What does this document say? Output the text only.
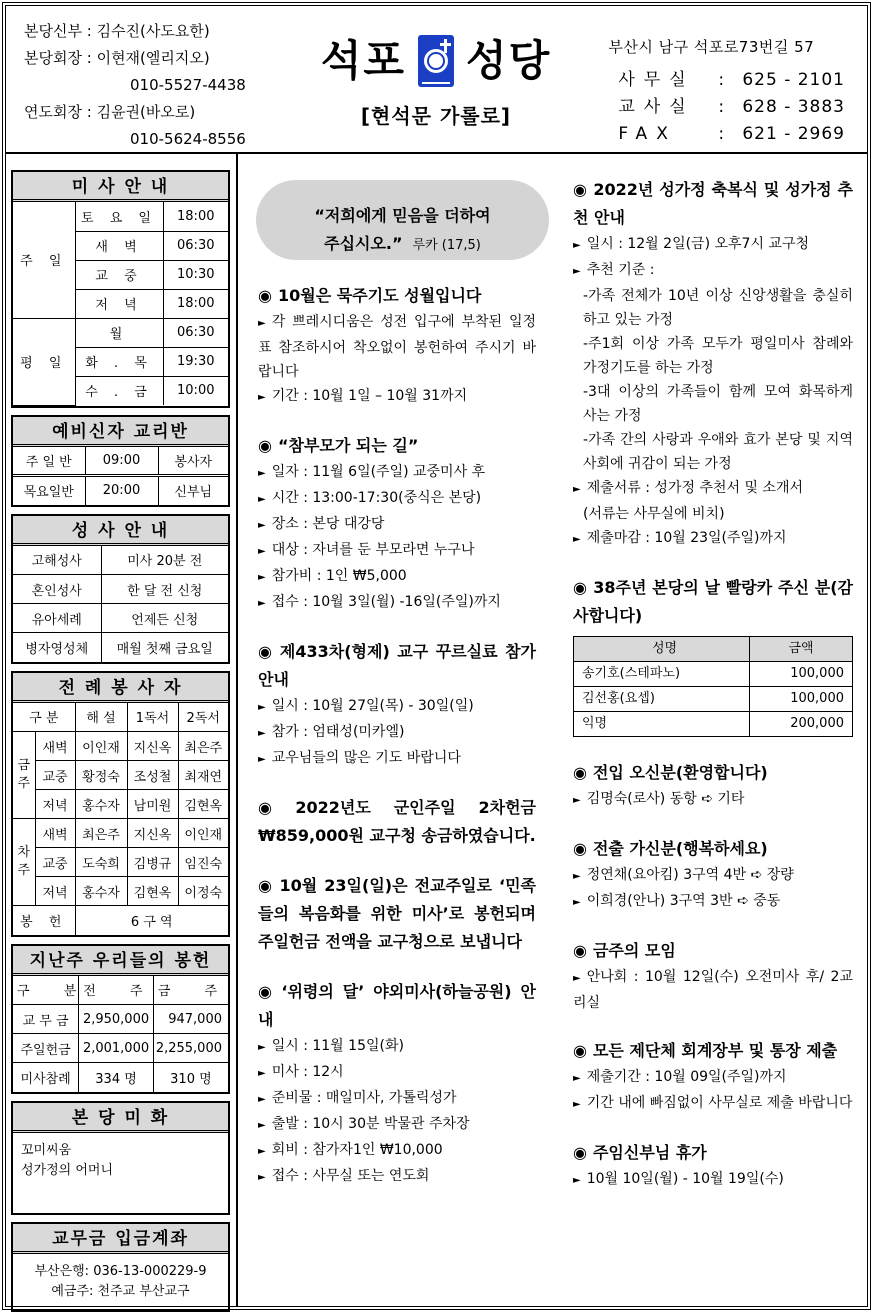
본당신부 : 김수진(사도요한)
본당회장 : 이현재(엘리지오)
010-5527-4438
연도회장 : 김윤권(바오로)
010-5624-8556
석포 성당
[현석문 가롤로]
부산시 남구 석포로73번길 57
사무실	:	625 - 2101
교사실	:	628 - 3883
FAX	:	621 - 2969
미 사 안 내
주 일	토 요 일	18:00
	새 벽	06:30
	교 중	10:30
	저 녁	18:00
평 일	월	06:30
	화 . 목	19:30
	수 . 금	10:00
예비신자 교리반
주 일 반	09:00	봉사자
목요일반	20:00	신부님
성 사 안 내
고해성사	미사 20분 전
혼인성사	한 달 전 신청
유아세례	언제든 신청
병자영성체	매월 첫째 금요일
전 례 봉 사 자
구 분		해 설	1독서	2독서
금주	새벽	이인재	지신옥	최은주
	교중	황정숙	조성철	최재연
	저녁	홍수자	남미원	김현옥
차주	새벽	최은주	지신옥	이인재
	교중	도숙희	김병규	임진숙
	저녁	홍수자	김현옥	이정숙
봉 헌		6 구 역		
지난주 우리들의 봉헌
구 분	전 주	금 주
교 무 금	2,950,000	947,000
주일헌금	2,001,000	2,255,000
미사참례	334 명	310 명
본 당 미 화
꼬미씨움
성가정의 어머니
교무금 입금계좌
부산은행: 036-13-000229-9
예금주: 천주교 부산교구
“저희에게 믿음을 더하여
주십시오.” 루카 (17,5)
◉ 10월은 묵주기도 성월입니다
► 각 쁘레시디움은 성전 입구에 부착된 일정표 참조하시어 착오없이 봉헌하여 주시기 바랍니다
► 기간 : 10월 1일 – 10월 31까지
◉ “참부모가 되는 길”
► 일자 : 11월 6일(주일) 교중미사 후
► 시간 : 13:00-17:30(중식은 본당)
► 장소 : 본당 대강당
► 대상 : 자녀를 둔 부모라면 누구나
► 참가비 : 1인 ₩5,000
► 접수 : 10월 3일(월) -16일(주일)까지
◉ 제433차(형제) 교구 꾸르실료 참가 안내
► 일시 : 10월 27일(목) - 30일(일)
► 참가 : 엄태성(미카엘)
► 교우님들의 많은 기도 바랍니다
◉ 2022년도 군인주일 2차헌금 ₩859,000원 교구청 송금하였습니다.
◉ 10월 23일(일)은 전교주일로 ‘민족들의 복음화를 위한 미사’로 봉헌되며 주일헌금 전액을 교구청으로 보냅니다
◉ ‘위령의 달’ 야외미사(하늘공원) 안내
► 일시 : 11월 15일(화)
► 미사 : 12시
► 준비물 : 매일미사, 가톨릭성가
► 출발 : 10시 30분 박물관 주차장
► 회비 : 참가자1인 ₩10,000
► 접수 : 사무실 또는 연도회
◉ 2022년 성가정 축복식 및 성가정 추천 안내
► 일시 : 12월 2일(금) 오후7시 교구청
► 추천 기준 :
-가족 전체가 10년 이상 신앙생활을 충실히 하고 있는 가정
-주1회 이상 가족 모두가 평일미사 참례와 가정기도를 하는 가정
-3대 이상의 가족들이 함께 모여 화목하게 사는 가정
-가족 간의 사랑과 우애와 효가 본당 및 지역사회에 귀감이 되는 가정
► 제출서류 : 성가정 추천서 및 소개서
(서류는 사무실에 비치)
► 제출마감 : 10월 23일(주일)까지
◉ 38주년 본당의 날 빨랑카 주신 분(감사합니다)
성명	금액
송기호(스테파노)	100,000
김선홍(요셉)	100,000
익명	200,000
◉ 전입 오신분(환영합니다)
► 김명숙(로사) 동항 ➪ 기타
◉ 전출 가신분(행복하세요)
► 정연채(요아킴) 3구역 4반 ➪ 장량
► 이희경(안나) 3구역 3반 ➪ 중동
◉ 금주의 모임
► 안나회 : 10월 12일(수) 오전미사 후/ 2교리실
◉ 모든 제단체 회계장부 및 통장 제출
► 제출기간 : 10월 09일(주일)까지
► 기간 내에 빠짐없이 사무실로 제출 바랍니다
◉ 주임신부님 휴가
► 10월 10일(월) - 10월 19일(수)
